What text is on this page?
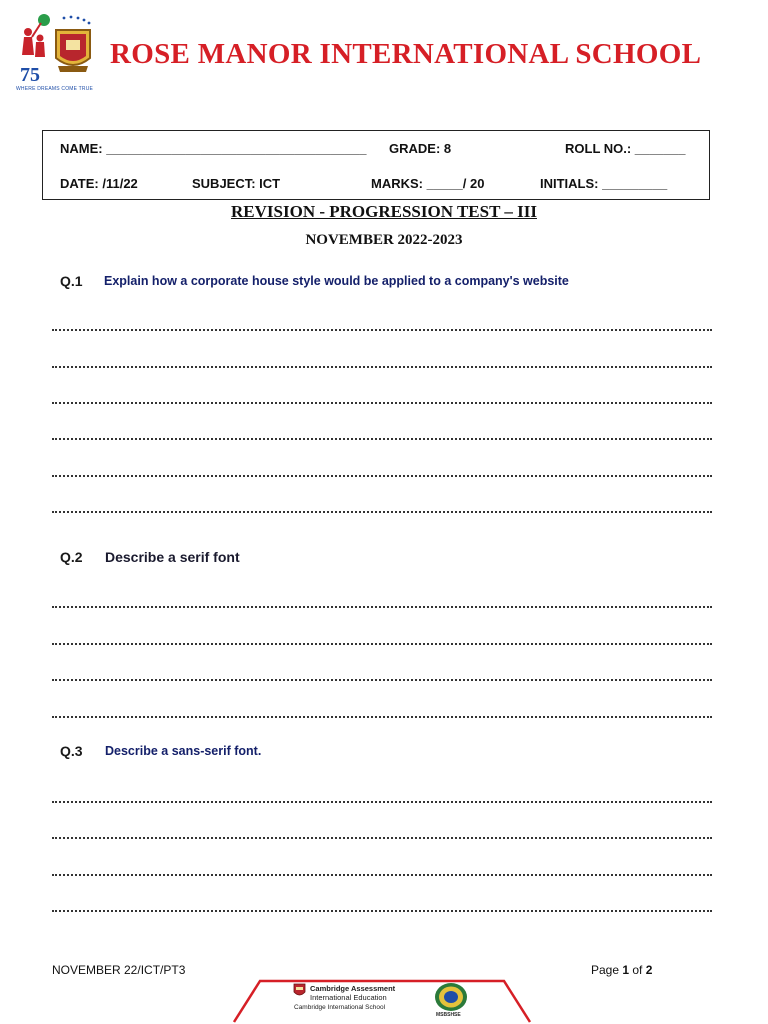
75
WHERE DREAMS COME TRUE
ROSE MANOR INTERNATIONAL SCHOOL
NAME: ____________________________________ GRADE: 8	ROLL NO.: _______
DATE: /11/22	SUBJECT: ICT	MARKS: _____/ 20	INITIALS: _________
REVISION - PROGRESSION TEST – III
NOVEMBER 2022-2023
Q.1 Explain how a corporate house style would be applied to a company's website
Q.2 Describe a serif font
Q.3 Describe a sans-serif font.
NOVEMBER 22/ICT/PT3	Page 1 of 2
Cambridge Assessment
International Education
Cambridge International School
MSBSHSE
